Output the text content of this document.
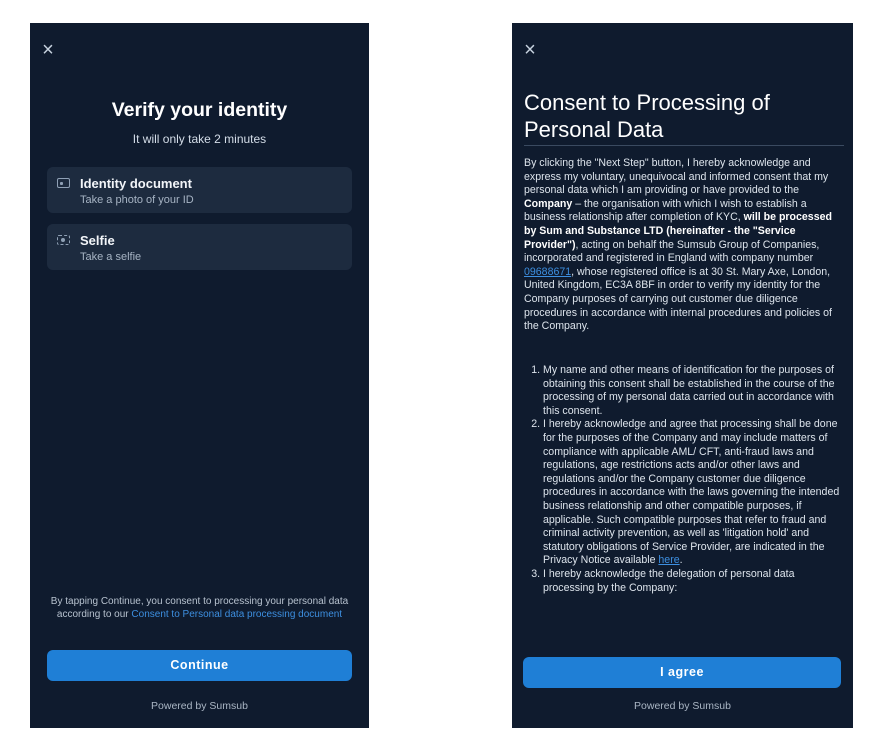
×
Verify your identity
It will only take 2 minutes
Identity document
Take a photo of your ID
Selfie
Take a selfie
By tapping Continue, you consent to processing your personal data according to our Consent to Personal data processing document
Continue
Powered by Sumsub
×
Consent to Processing of Personal Data
By clicking the "Next Step" button, I hereby acknowledge and express my voluntary, unequivocal and informed consent that my personal data which I am providing or have provided to the Company – the organisation with which I wish to establish a business relationship after completion of KYC, will be processed by Sum and Substance LTD (hereinafter - the "Service Provider"), acting on behalf the Sumsub Group of Companies, incorporated and registered in England with company number 09688671, whose registered office is at 30 St. Mary Axe, London, United Kingdom, EC3A 8BF in order to verify my identity for the Company purposes of carrying out customer due diligence procedures in accordance with internal procedures and policies of the Company.
1. My name and other means of identification for the purposes of obtaining this consent shall be established in the course of the processing of my personal data carried out in accordance with this consent.
2. I hereby acknowledge and agree that processing shall be done for the purposes of the Company and may include matters of compliance with applicable AML/ CFT, anti-fraud laws and regulations, age restrictions acts and/or other laws and regulations and/or the Company customer due diligence procedures in accordance with the laws governing the intended business relationship and other compatible purposes, if applicable. Such compatible purposes that refer to fraud and criminal activity prevention, as well as 'litigation hold' and statutory obligations of Service Provider, are indicated in the Privacy Notice available here.
3. I hereby acknowledge the delegation of personal data processing by the Company:
I agree
Powered by Sumsub
